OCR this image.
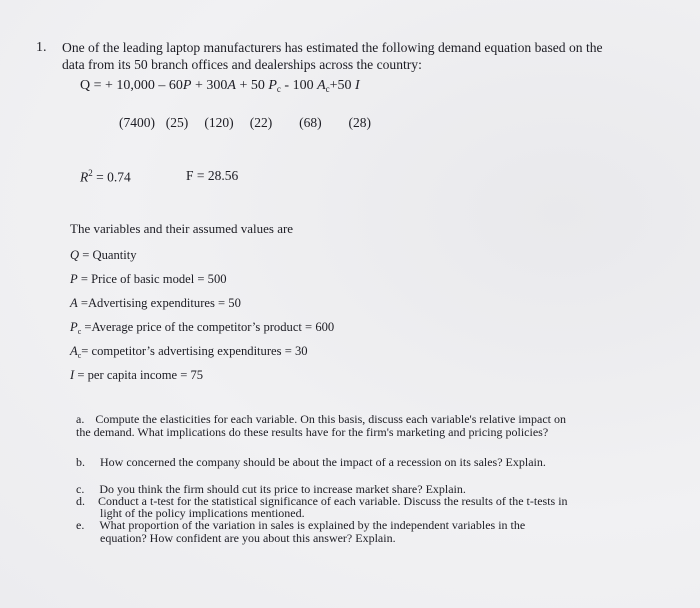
1. One of the leading laptop manufacturers has estimated the following demand equation based on the
data from its 50 branch offices and dealerships across the country:
Q = + 10,000 – 60P + 300A + 50 $P_c - 100$ $A_c+50$ I
(7400)  (25)   (120)   (22)     (68)     (28)
$R^2 = 0.74$	F = 28.56
The variables and their assumed values are
Q = Quantity
P = Price of basic model = 500
A =Advertising expenditures = 50
$P_c$ =Average price of the competitor’s product = 600
$A_c=$ competitor’s advertising expenditures = 30
I = per capita income = 75
a. Compute the elasticities for each variable. On this basis, discuss each variable's relative impact on
the demand. What implications do these results have for the firm's marketing and pricing policies?
b. How concerned the company should be about the impact of a recession on its sales? Explain.
c. Do you think the firm should cut its price to increase market share? Explain.
d. Conduct a t-test for the statistical significance of each variable. Discuss the results of the t-tests in
light of the policy implications mentioned.
e. What proportion of the variation in sales is explained by the independent variables in the
equation? How confident are you about this answer? Explain.
